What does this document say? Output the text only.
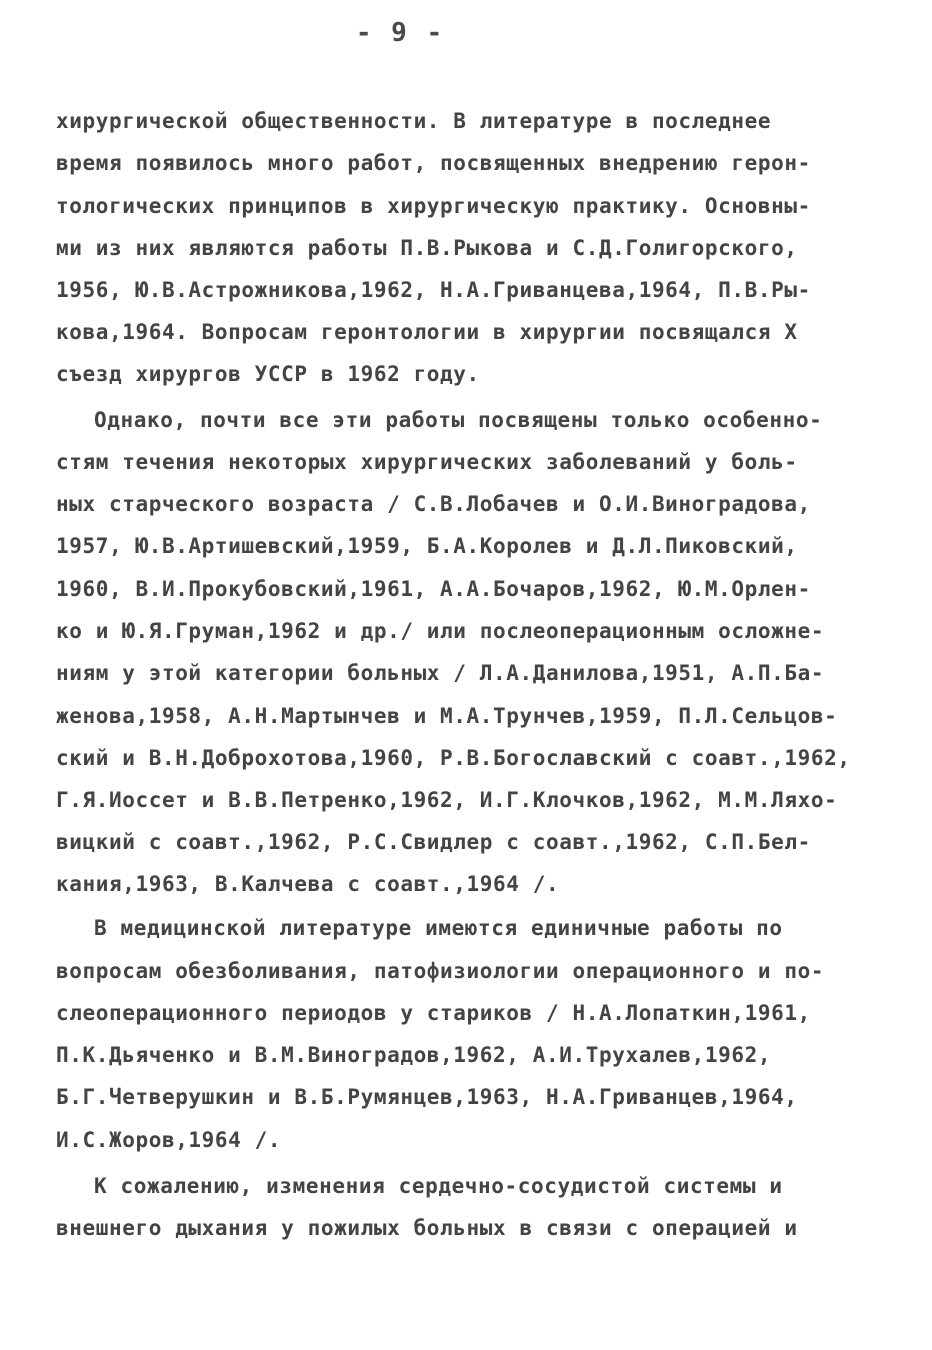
- 9 -
хирургической общественности. В литературе в последнее
время появилось много работ, посвященных внедрению герон-
тологических принципов в хирургическую практику. Основны-
ми из них являются работы П.В.Рыкова и С.Д.Голигорского,
1956, Ю.В.Астрожникова,1962, Н.А.Гриванцева,1964, П.В.Ры-
кова,1964. Вопросам геронтологии в хирургии посвящался X
съезд хирургов УССР в 1962 году.
Однако, почти все эти работы посвящены только особенно-
стям течения некоторых хирургических заболеваний у боль-
ных старческого возраста / С.В.Лобачев и О.И.Виноградова,
1957, Ю.В.Артишевский,1959, Б.А.Королев и Д.Л.Пиковский,
1960, В.И.Прокубовский,1961, А.А.Бочаров,1962, Ю.М.Орлен-
ко и Ю.Я.Груман,1962 и др./ или послеоперационным осложне-
ниям у этой категории больных / Л.А.Данилова,1951, А.П.Ба-
женова,1958, А.Н.Мартынчев и М.А.Трунчев,1959, П.Л.Сельцов-
ский и В.Н.Доброхотова,1960, Р.В.Богославский с соавт.,1962,
Г.Я.Иоссет и В.В.Петренко,1962, И.Г.Клочков,1962, М.М.Ляхо-
вицкий с соавт.,1962, Р.С.Свидлер с соавт.,1962, С.П.Бел-
кания,1963, В.Калчева с соавт.,1964 /.
В медицинской литературе имеются единичные работы по
вопросам обезболивания, патофизиологии операционного и по-
слеоперационного периодов у стариков / Н.А.Лопаткин,1961,
П.К.Дьяченко и В.М.Виноградов,1962, А.И.Трухалев,1962,
Б.Г.Четверушкин и В.Б.Румянцев,1963, Н.А.Гриванцев,1964,
И.С.Жоров,1964 /.
К сожалению, изменения сердечно-сосудистой системы и
внешнего дыхания у пожилых больных в связи с операцией и
